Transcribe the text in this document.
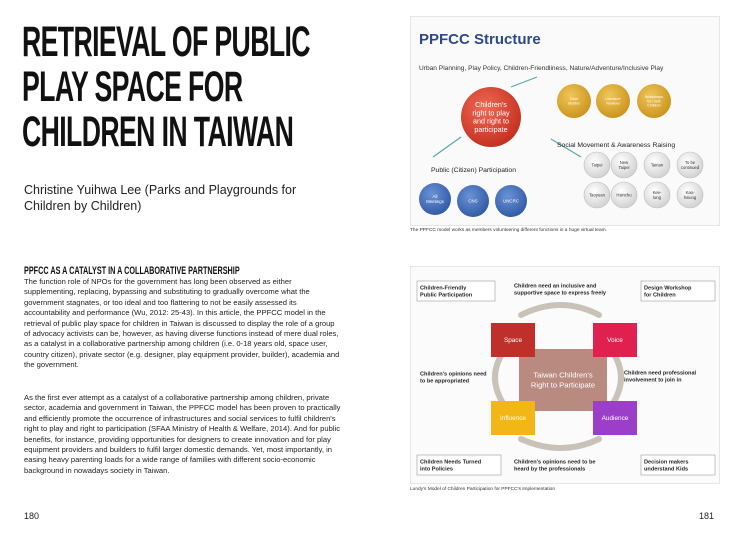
RETRIEVAL OF PUBLIC
PLAY SPACE FOR
CHILDREN IN TAIWAN
Christine Yuihwa Lee (Parks and Playgrounds for Children by Children)
PPFCC AS A CATALYST IN A COLLABORATIVE PARTNERSHIP

The function role of NPOs for the government has long been observed as either supplementing, replacing, bypassing and substituting to gradually overcome what the government stagnates, or too ideal and too flattering to not be easily assessed its accountability and performance (Wu, 2012: 25-43). In this article, the PPFCC model in the retrieval of public play space for children in Taiwan is discussed to display the role of a group of advocacy activists can be, however, as having diverse functions instead of mere dual roles, as a catalyst in a collaborative partnership among children (i.e. 0-18 years old, space user, country citizen), private sector (e.g. designer, play equipment provider, builder), academia and the government.

As the first ever attempt as a catalyst of a collaborative partnership among children, private sector, academia and government in Taiwan, the PPFCC model has been proven to practically and efficiently promote the occurrence of infrastructures and social services to fulfil children's right to play and right to participation (SFAA Ministry of Health & Welfare, 2014). And for public benefits, for instance, providing opportunities for designers to create innovation and for play equipment providers and builders to fulfil larger domestic demands. Yet, most importantly, in easing heavy parenting loads for a wide range of families with different socio-economic background in nowadays society in Taiwan.

180	181
PPFCC Structure
Urban Planning, Play Policy, Children-Friendliness, Nature/Adventure/Inclusive Play
Children's
right to play
and right to
participate
Case
Studies
Literature
Reviews
Workshops
for / with
Children
Social Movement & Awareness Raising
Public (Citizen) Participation
All
Meetings	CNS	UNCRC
Taipei	New
Taipei	Tainan	To be
continued
Taoyuan	Hsinchu	Kee-
lung
Kao-
hsiung
The PPFCC model works as members volunteering different functions in a huge virtual team.
Taiwan Children's
Right to Participate
Space	Voice
Influence	Audience
Children-Friendly
Public Participation
Children need an inclusive and
supportive space to express freely
Design Workshop
for Children
Children's opinions need
to be appropriated
Children need professional
involvement to join in
Children Needs Turned
into Policies
Children's opinions need to be
heard by the professionals
Decision makers
understand Kids
Lundy's Model of Children Participation for PPFCC's Implementation
